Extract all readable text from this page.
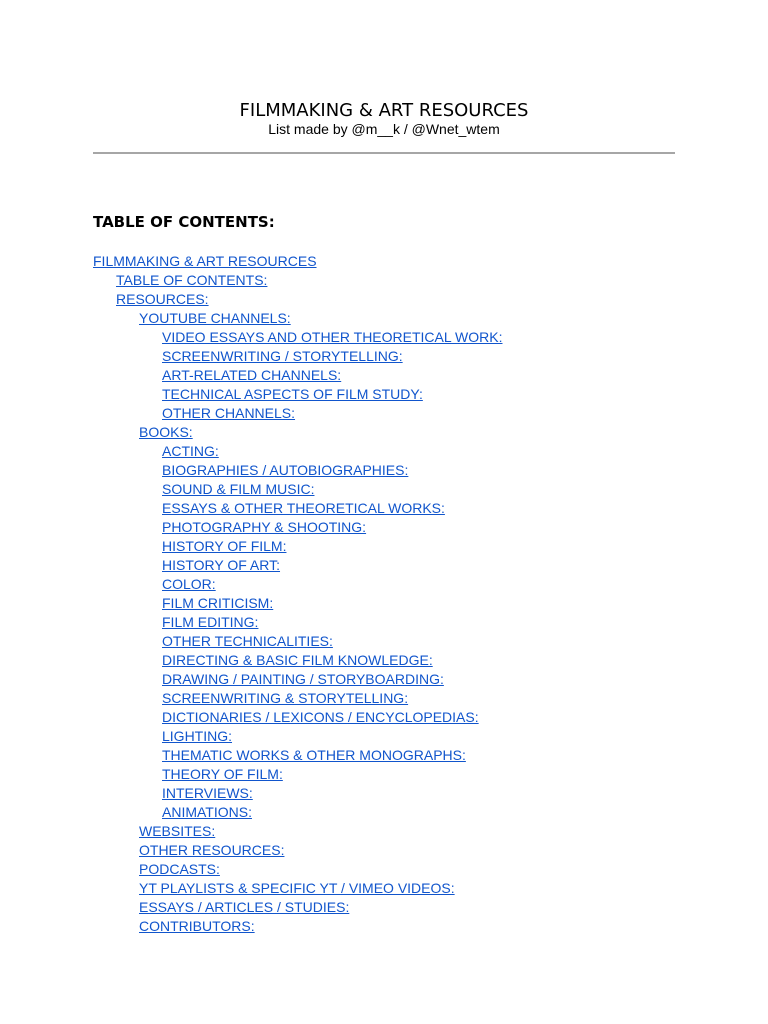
FILMMAKING & ART RESOURCES
List made by @m__k / @Wnet_wtem
TABLE OF CONTENTS:
FILMMAKING & ART RESOURCES
TABLE OF CONTENTS:
RESOURCES:
YOUTUBE CHANNELS:
VIDEO ESSAYS AND OTHER THEORETICAL WORK:
SCREENWRITING / STORYTELLING:
ART-RELATED CHANNELS:
TECHNICAL ASPECTS OF FILM STUDY:
OTHER CHANNELS:
BOOKS:
ACTING:
BIOGRAPHIES / AUTOBIOGRAPHIES:
SOUND & FILM MUSIC:
ESSAYS & OTHER THEORETICAL WORKS:
PHOTOGRAPHY & SHOOTING:
HISTORY OF FILM:
HISTORY OF ART:
COLOR:
FILM CRITICISM:
FILM EDITING:
OTHER TECHNICALITIES:
DIRECTING & BASIC FILM KNOWLEDGE:
DRAWING / PAINTING / STORYBOARDING:
SCREENWRITING & STORYTELLING:
DICTIONARIES / LEXICONS / ENCYCLOPEDIAS:
LIGHTING:
THEMATIC WORKS & OTHER MONOGRAPHS:
THEORY OF FILM:
INTERVIEWS:
ANIMATIONS:
WEBSITES:
OTHER RESOURCES:
PODCASTS:
YT PLAYLISTS & SPECIFIC YT / VIMEO VIDEOS:
ESSAYS / ARTICLES / STUDIES:
CONTRIBUTORS:
